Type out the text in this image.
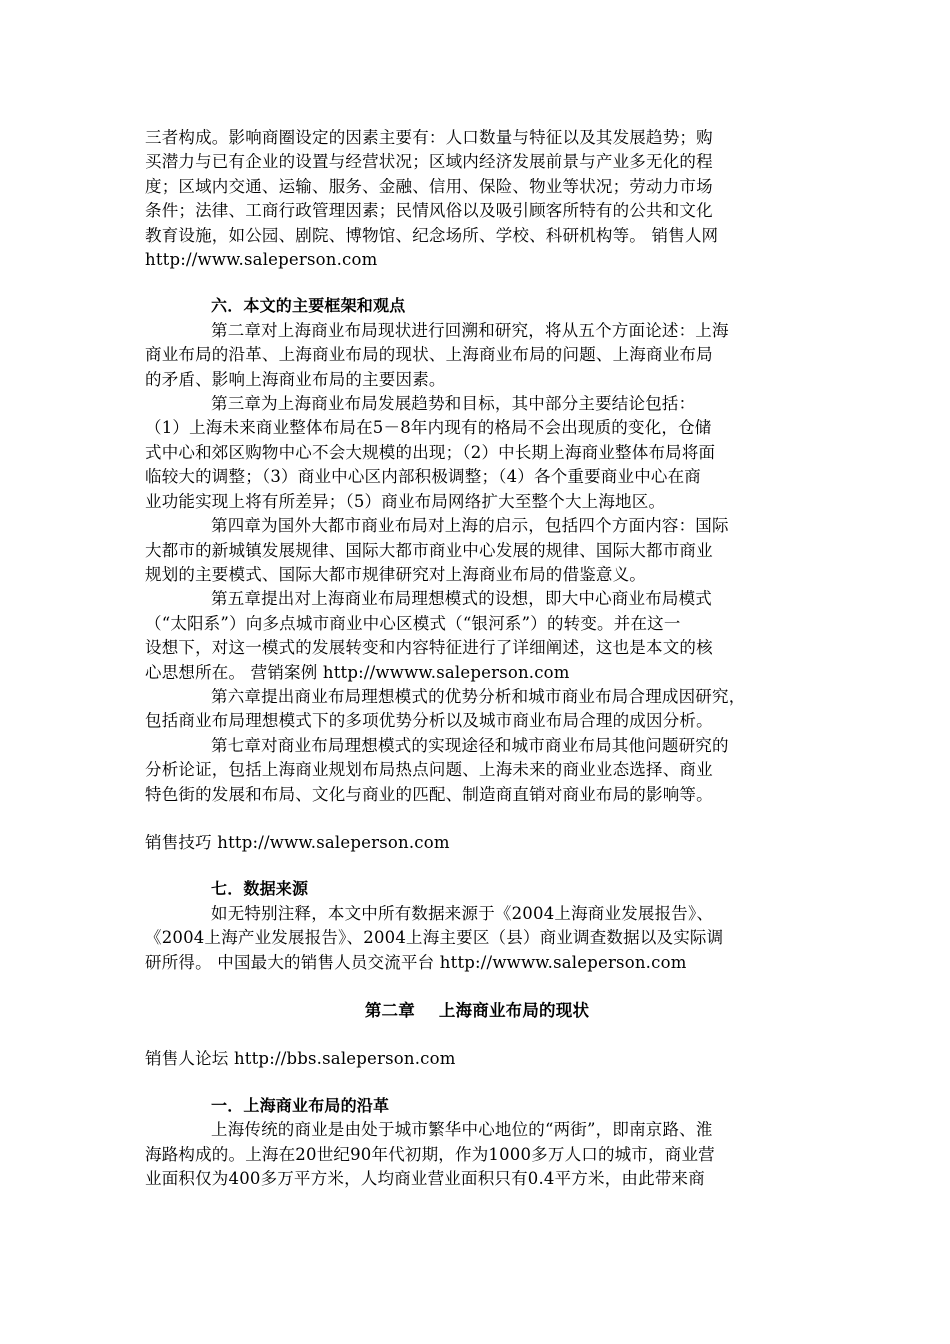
三者构成。影响商圈设定的因素主要有：人口数量与特征以及其发展趋势；购
买潜力与已有企业的设置与经营状况；区域内经济发展前景与产业多无化的程
度；区域内交通、运输、服务、金融、信用、保险、物业等状况；劳动力市场
条件；法律、工商行政管理因素；民情风俗以及吸引顾客所特有的公共和文化
教育设施，如公园、剧院、博物馆、纪念场所、学校、科研机构等。 销售人网
http://www.saleperson.com
六．本文的主要框架和观点
第二章对上海商业布局现状进行回溯和研究，将从五个方面论述：上海
商业布局的沿革、上海商业布局的现状、上海商业布局的问题、上海商业布局
的矛盾、影响上海商业布局的主要因素。
第三章为上海商业布局发展趋势和目标，其中部分主要结论包括：
（1）上海未来商业整体布局在5－8年内现有的格局不会出现质的变化，仓储
式中心和郊区购物中心不会大规模的出现；（2）中长期上海商业整体布局将面
临较大的调整；（3）商业中心区内部积极调整；（4）各个重要商业中心在商
业功能实现上将有所差异；（5）商业布局网络扩大至整个大上海地区。
第四章为国外大都市商业布局对上海的启示，包括四个方面内容：国际
大都市的新城镇发展规律、国际大都市商业中心发展的规律、国际大都市商业
规划的主要模式、国际大都市规律研究对上海商业布局的借鉴意义。
第五章提出对上海商业布局理想模式的设想，即大中心商业布局模式
（“太阳系”）向多点城市商业中心区模式（“银河系”）的转变。并在这一
设想下，对这一模式的发展转变和内容特征进行了详细阐述，这也是本文的核
心思想所在。 营销案例 http://wwww.saleperson.com
第六章提出商业布局理想模式的优势分析和城市商业布局合理成因研究，
包括商业布局理想模式下的多项优势分析以及城市商业布局合理的成因分析。
第七章对商业布局理想模式的实现途径和城市商业布局其他问题研究的
分析论证，包括上海商业规划布局热点问题、上海未来的商业业态选择、商业
特色街的发展和布局、文化与商业的匹配、制造商直销对商业布局的影响等。
销售技巧 http://www.saleperson.com
七．数据来源
如无特别注释，本文中所有数据来源于《2004上海商业发展报告》、
《2004上海产业发展报告》、2004上海主要区（县）商业调查数据以及实际调
研所得。 中国最大的销售人员交流平台 http://wwww.saleperson.com
第二章 上海商业布局的现状
销售人论坛 http://bbs.saleperson.com
一．上海商业布局的沿革
上海传统的商业是由处于城市繁华中心地位的“两街”，即南京路、淮
海路构成的。上海在20世纪90年代初期，作为1000多万人口的城市，商业营
业面积仅为400多万平方米，人均商业营业面积只有0.4平方米，由此带来商
